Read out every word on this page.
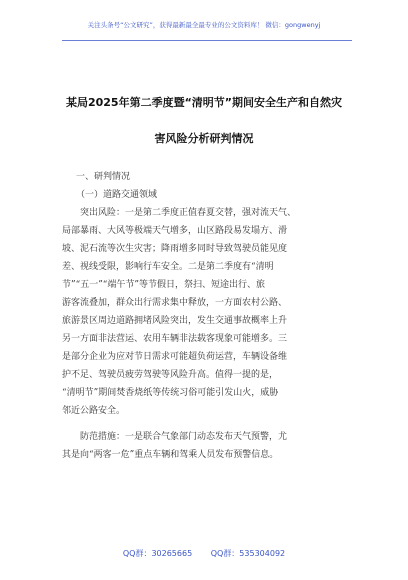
关注头条号“公文研究”，获得最新最全最专业的公文资料库！ 微信：gongwenyj
某局2025年第二季度暨“清明节”期间安全生产和自然灾
害风险分析研判情况
一、研判情况
（一）道路交通领域
突出风险：一是第二季度正值春夏交替，强对流天气、
局部暴雨、大风等极端天气增多，山区路段易发塌方、滑
坡、泥石流等次生灾害；降雨增多同时导致驾驶员能见度
差、视线受限，影响行车安全。二是第二季度有“清明
节”“五一”“端午节”等节假日，祭扫、短途出行、旅
游客流叠加，群众出行需求集中释放，一方面农村公路、
旅游景区周边道路拥堵风险突出，发生交通事故概率上升
另一方面非法营运、农用车辆非法载客现象可能增多。三
是部分企业为应对节日需求可能超负荷运营，车辆设备维
护不足、驾驶员疲劳驾驶等风险升高。值得一提的是，
“清明节”期间焚香烧纸等传统习俗可能引发山火，威胁
邻近公路安全。
防范措施：一是联合气象部门动态发布天气预警，尤
其是向“两客一危”重点车辆和驾乘人员发布预警信息。
QQ群：30265665 QQ群：535304092
